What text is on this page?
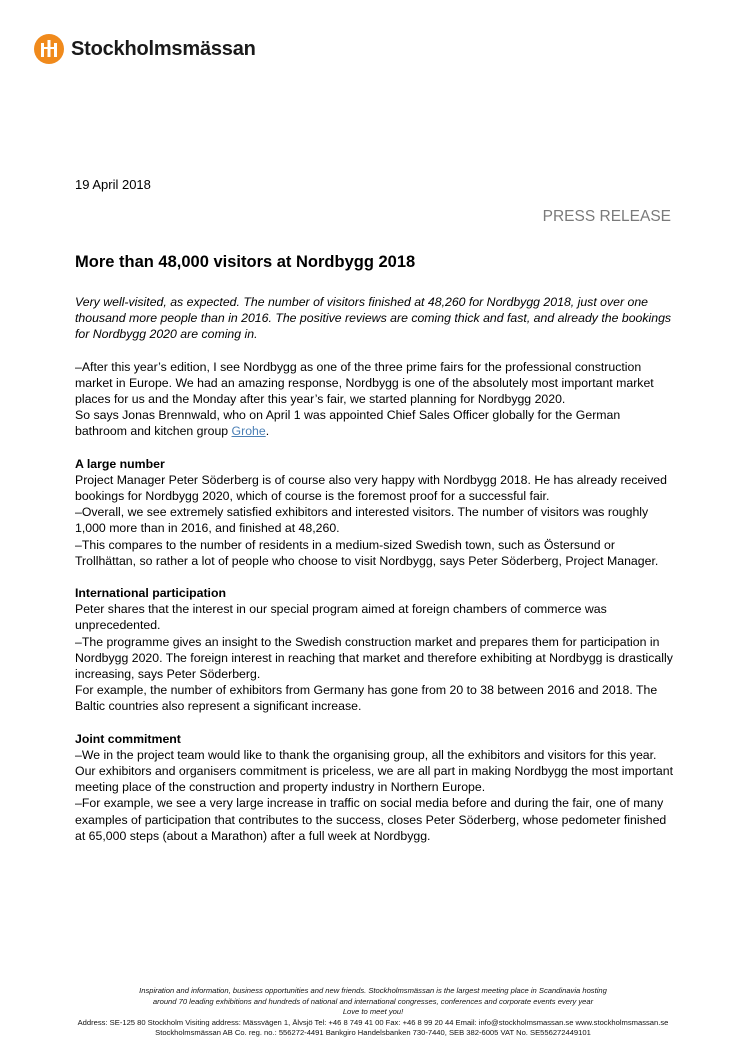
Stockholmsmässan
19 April 2018
PRESS RELEASE
More than 48,000 visitors at Nordbygg 2018

Very well-visited, as expected. The number of visitors finished at 48,260 for Nordbygg 2018, just over one thousand more people than in 2016. The positive reviews are coming thick and fast, and already the bookings for Nordbygg 2020 are coming in.

–After this year’s edition, I see Nordbygg as one of the three prime fairs for the professional construction market in Europe. We had an amazing response, Nordbygg is one of the absolutely most important market places for us and the Monday after this year’s fair, we started planning for Nordbygg 2020.

So says Jonas Brennwald, who on April 1 was appointed Chief Sales Officer globally for the German bathroom and kitchen group Grohe.

A large number

Project Manager Peter Söderberg is of course also very happy with Nordbygg 2018. He has already received bookings for Nordbygg 2020, which of course is the foremost proof for a successful fair.

–Overall, we see extremely satisfied exhibitors and interested visitors. The number of visitors was roughly 1,000 more than in 2016, and finished at 48,260.

–This compares to the number of residents in a medium-sized Swedish town, such as Östersund or Trollhättan, so rather a lot of people who choose to visit Nordbygg, says Peter Söderberg, Project Manager.

International participation

Peter shares that the interest in our special program aimed at foreign chambers of commerce was unprecedented.

–The programme gives an insight to the Swedish construction market and prepares them for participation in Nordbygg 2020. The foreign interest in reaching that market and therefore exhibiting at Nordbygg is drastically increasing, says Peter Söderberg.

For example, the number of exhibitors from Germany has gone from 20 to 38 between 2016 and 2018. The Baltic countries also represent a significant increase.

Joint commitment

–We in the project team would like to thank the organising group, all the exhibitors and visitors for this year. Our exhibitors and organisers commitment is priceless, we are all part in making Nordbygg the most important meeting place of the construction and property industry in Northern Europe.

–For example, we see a very large increase in traffic on social media before and during the fair, one of many examples of participation that contributes to the success, closes Peter Söderberg, whose pedometer finished at 65,000 steps (about a Marathon) after a full week at Nordbygg.

Inspiration and information, business opportunities and new friends. Stockholmsmässan is the largest meeting place in Scandinavia hosting
around 70 leading exhibitions and hundreds of national and international congresses, conferences and corporate events every year
Love to meet you!
Address: SE-125 80 Stockholm Visiting address: Mässvägen 1, Älvsjö Tel: +46 8 749 41 00 Fax: +46 8 99 20 44 Email: info@stockholmsmassan.se www.stockholmsmassan.se
Stockholmsmässan AB Co. reg. no.: 556272-4491 Bankgiro Handelsbanken 730-7440, SEB 382-6005 VAT No. SE556272449101
